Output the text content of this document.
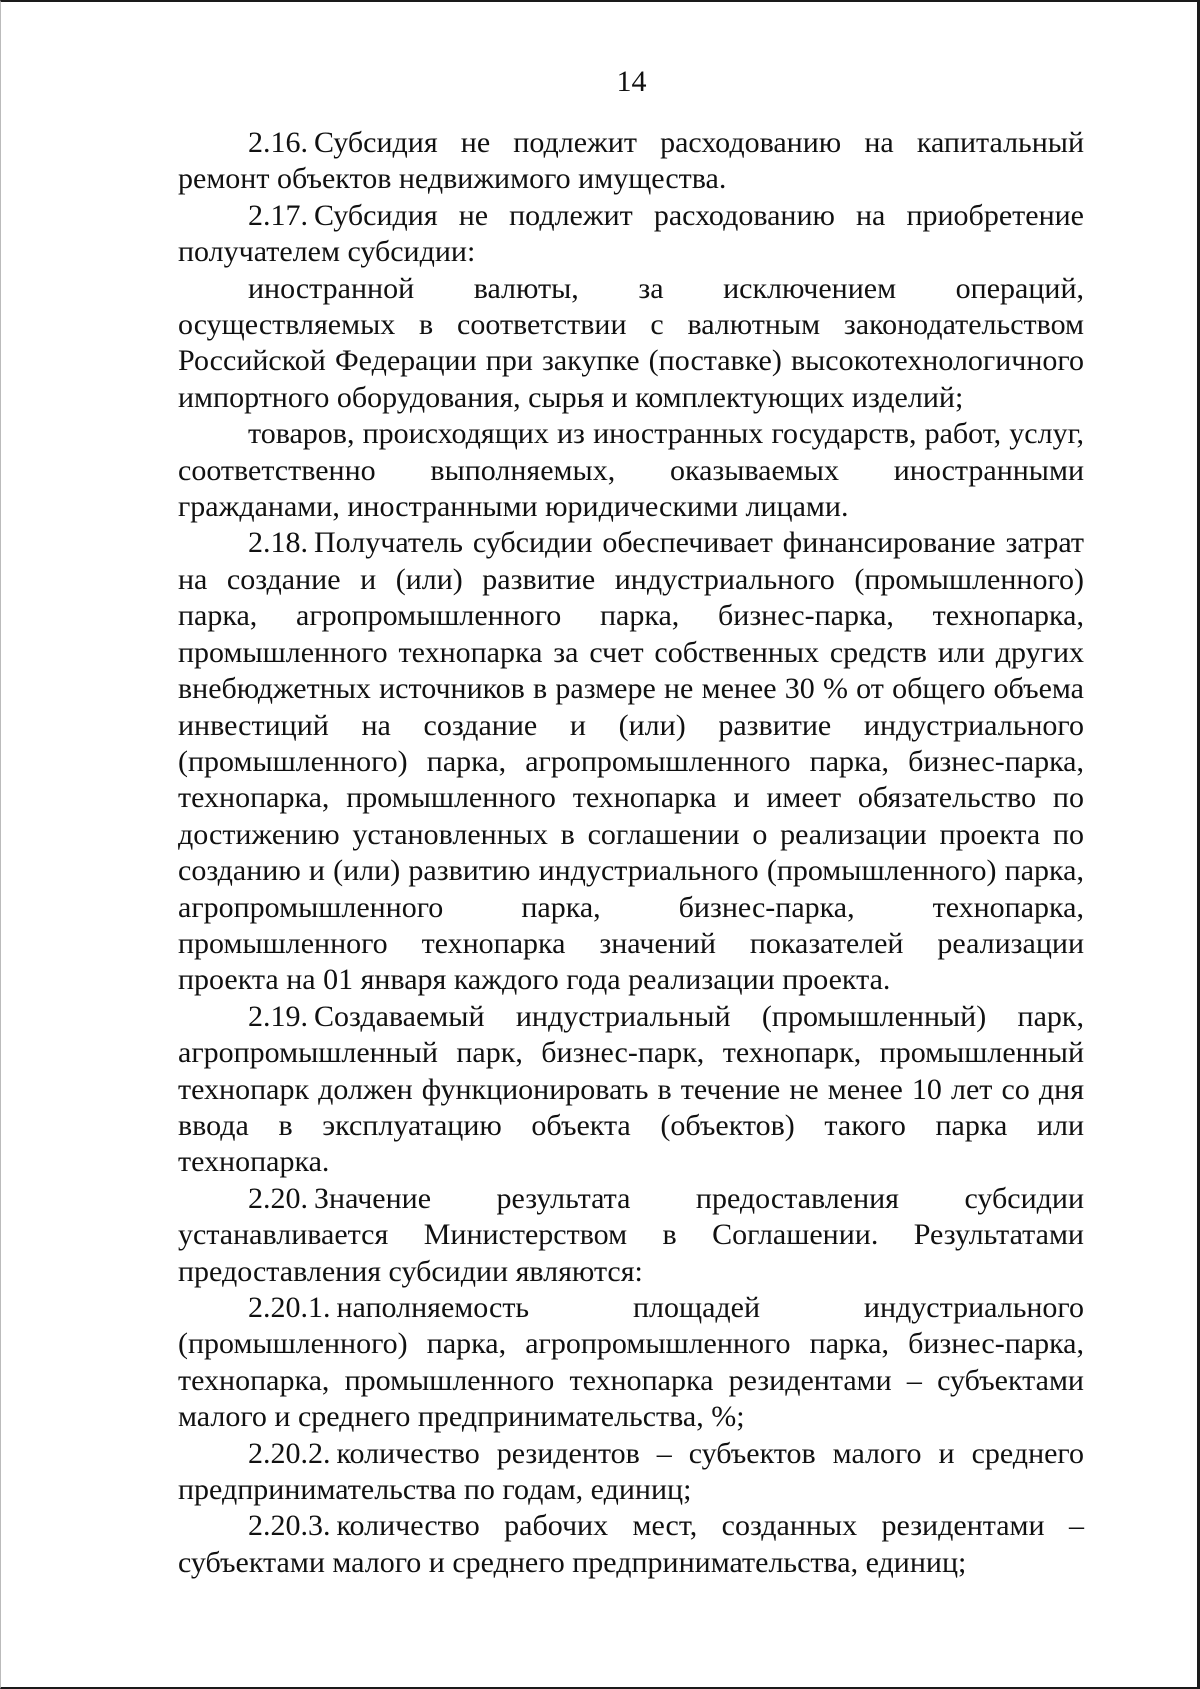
14

2.16. Субсидия не подлежит расходованию на капитальный ремонт объектов недвижимого имущества.

2.17. Субсидия не подлежит расходованию на приобретение получателем субсидии:

иностранной валюты, за исключением операций, осуществляемых в соответствии с валютным законодательством Российской Федерации при закупке (поставке) высокотехнологичного импортного оборудования, сырья и комплектующих изделий;

товаров, происходящих из иностранных государств, работ, услуг, соответственно выполняемых, оказываемых иностранными гражданами, иностранными юридическими лицами.

2.18. Получатель субсидии обеспечивает финансирование затрат на создание и (или) развитие индустриального (промышленного) парка, агропромышленного парка, бизнес-парка, технопарка, промышленного технопарка за счет собственных средств или других внебюджетных источников в размере не менее 30 % от общего объема инвестиций на создание и (или) развитие индустриального (промышленного) парка, агропромышленного парка, бизнес-парка, технопарка, промышленного технопарка и имеет обязательство по достижению установленных в соглашении о реализации проекта по созданию и (или) развитию индустриального (промышленного) парка, агропромышленного парка, бизнес-парка, технопарка, промышленного технопарка значений показателей реализации проекта на 01 января каждого года реализации проекта.

2.19. Создаваемый индустриальный (промышленный) парк, агропромышленный парк, бизнес-парк, технопарк, промышленный технопарк должен функционировать в течение не менее 10 лет со дня ввода в эксплуатацию объекта (объектов) такого парка или технопарка.

2.20. Значение результата предоставления субсидии устанавливается Министерством в Соглашении. Результатами предоставления субсидии являются:

2.20.1. наполняемость площадей индустриального (промышленного) парка, агропромышленного парка, бизнес-парка, технопарка, промышленного технопарка резидентами – субъектами малого и среднего предпринимательства, %;

2.20.2. количество резидентов – субъектов малого и среднего предпринимательства по годам, единиц;

2.20.3. количество рабочих мест, созданных резидентами – субъектами малого и среднего предпринимательства, единиц;
